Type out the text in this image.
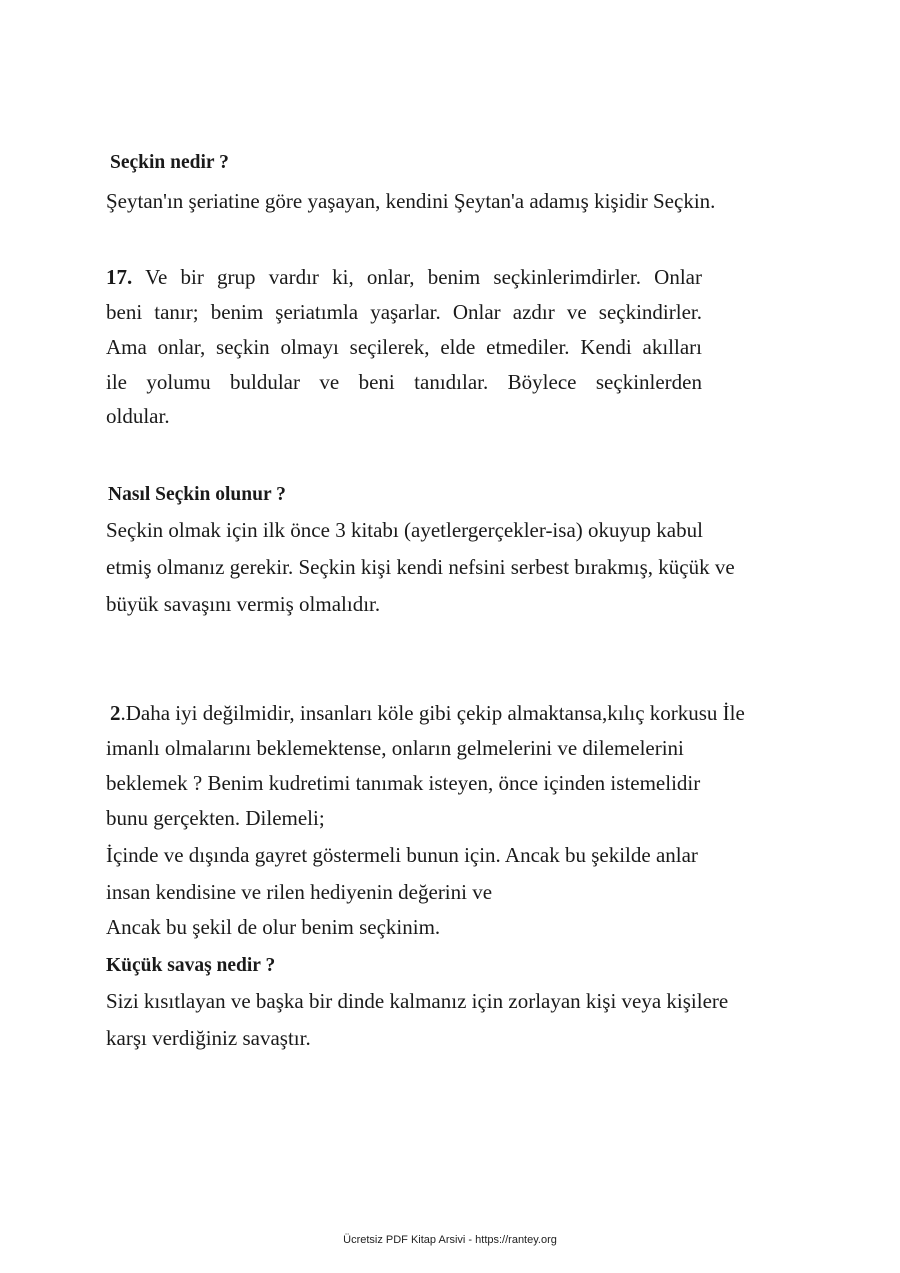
Seçkin nedir ?
Şeytan'ın şeriatine göre yaşayan, kendini Şeytan'a adamış kişidir Seçkin.
17. Ve bir grup vardır ki, onlar, benim seçkinlerimdirler. Onlar
beni tanır; benim şeriatımla yaşarlar. Onlar azdır ve seçkindirler.
Ama onlar, seçkin olmayı seçilerek, elde etmediler. Kendi akılları
ile yolumu buldular ve beni tanıdılar. Böylece seçkinlerden
oldular.
Nasıl Seçkin olunur ?
Seçkin olmak için ilk önce 3 kitabı (ayetlergerçekler-isa) okuyup kabul
etmiş olmanız gerekir. Seçkin kişi kendi nefsini serbest bırakmış, küçük ve
büyük savaşını vermiş olmalıdır.
2.Daha iyi değilmidir, insanları köle gibi çekip almaktansa,kılıç korkusu İle
imanlı olmalarını beklemektense, onların gelmelerini ve dilemelerini
beklemek ? Benim kudretimi tanımak isteyen, önce içinden istemelidir
bunu gerçekten. Dilemeli;
İçinde ve dışında gayret göstermeli bunun için. Ancak bu şekilde anlar
insan kendisine ve rilen hediyenin değerini ve
Ancak bu şekil de olur benim seçkinim.
Küçük savaş nedir ?
Sizi kısıtlayan ve başka bir dinde kalmanız için zorlayan kişi veya kişilere
karşı verdiğiniz savaştır.
Ücretsiz PDF Kitap Arsivi - https://rantey.org
